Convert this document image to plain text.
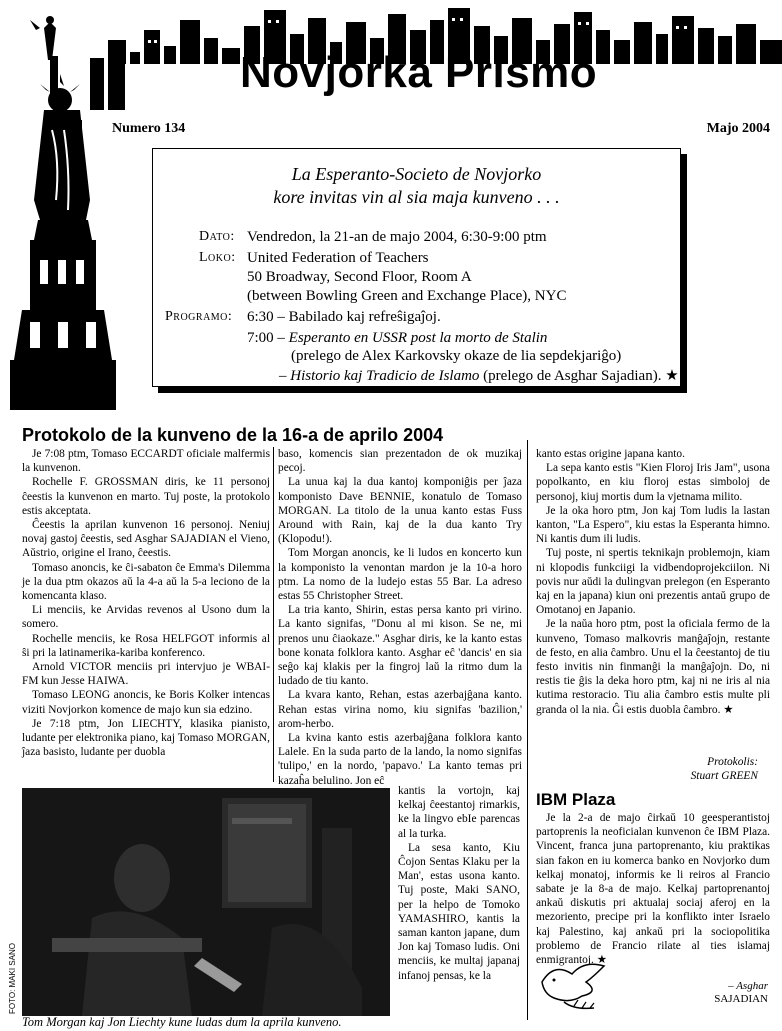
★
Novjorka Prismo
Numero 134	Majo 2004
La Esperanto-Societo de Novjorko
kore invitas vin al sia maja kunveno . . .
Dato: Vendredon, la 21-an de majo 2004, 6:30-9:00 ptm
Loko: United Federation of Teachers
50 Broadway, Second Floor, Room A
(between Bowling Green and Exchange Place), NYC
Programo: 6:30 – Babilado kaj refreŝigaĵoj.
7:00 – Esperanto en USSR post la morto de Stalin
(prelego de Alex Karkovsky okaze de lia sepdekjariĝo)
– Historio kaj Tradicio de Islamo (prelego de Asghar Sajadian). ★
Protokolo de la kunveno de la 16-a de aprilo 2004

Je 7:08 ptm, Tomaso ECCARDT oficiale malfermis la kunvenon.

Rochelle F. GROSSMAN diris, ke 11 personoj ĉeestis la kunvenon en marto. Tuj poste, la protokolo estis akceptata.

Ĉeestis la aprilan kunvenon 16 personoj. Neniuj novaj gastoj ĉeestis, sed Asghar SAJADIAN el Vieno, Aŭstrio, origine el Irano, ĉeestis.

Tomaso anoncis, ke ĉi-sabaton ĉe Emma's Dilemma je la dua ptm okazos aŭ la 4-a aŭ la 5-a leciono de la komencanta klaso.

Li menciis, ke Arvidas revenos al Usono dum la somero.

Rochelle menciis, ke Rosa HELFGOT informis al ŝi pri la latinamerika-kariba konferenco.

Arnold VICTOR menciis pri intervjuo je WBAI-FM kun Jesse HAIWA.

Tomaso LEONG anoncis, ke Boris Kolker intencas viziti Novjorkon komence de majo kun sia edzino.

Je 7:18 ptm, Jon LIECHTY, klasika pianisto, ludante per elektronika piano, kaj Tomaso MORGAN, ĵaza basisto, ludante per duobla

baso, komencis sian prezentadon de ok muzikaj pecoj.

La unua kaj la dua kantoj komponiĝis per ĵaza komponisto Dave BENNIE, konatulo de Tomaso MORGAN. La titolo de la unua kanto estas Fuss Around with Rain, kaj de la dua kanto Try (Klopodu!).

Tom Morgan anoncis, ke li ludos en koncerto kun la komponisto la venontan mardon je la 10-a horo ptm. La nomo de la ludejo estas 55 Bar. La adreso estas 55 Christopher Street.

La tria kanto, Shirin, estas persa kanto pri virino. La kanto signifas, "Donu al mi kison. Se ne, mi prenos unu ĉiaokaze." Asghar diris, ke la kanto estas bone konata folklora kanto. Asghar eĉ 'dancis' en sia seĝo kaj klakis per la fingroj laŭ la ritmo dum la ludado de tiu kanto.

La kvara kanto, Rehan, estas azerbajĝana kanto. Rehan estas virina nomo, kiu signifas 'bazilion,' arom-herbo.

La kvina kanto estis azerbajĝana folklora kanto Lalele. En la suda parto de la lando, la nomo signifas 'tulipo,' en la nordo, 'papavo.' La kanto temas pri kazaĥa belulino. Jon eĉ

kantis la vortojn, kaj kelkaj ĉeestantoj rimarkis, ke la lingvo ebIe parencas al la turka.

La sesa kanto, Kiu Ĉojon Sentas Klaku per la Man', estas usona kanto. Tuj poste, Maki SANO, per la helpo de Tomoko YAMASHIRO, kantis la saman kanton japane, dum Jon kaj Tomaso ludis. Oni menciis, ke multaj japanaj infanoj pensas, ke la

kanto estas origine japana kanto.

La sepa kanto estis "Kien Floroj Iris Jam", usona popolkanto, en kiu floroj estas simboloj de personoj, kiuj mortis dum la vjetnama milito.

Je la oka horo ptm, Jon kaj Tom ludis la lastan kanton, "La Espero", kiu estas la Esperanta himno. Ni kantis dum ili ludis.

Tuj poste, ni spertis teknikajn problemojn, kiam ni klopodis funkciigi la vidbendoprojekciilon. Ni povis nur aŭdi la dulingvan prelegon (en Esperanto kaj en la japana) kiun oni prezentis antaŭ grupo de Omotanoj en Japanio.

Je la naŭa horo ptm, post la oficiala fermo de la kunveno, Tomaso malkovris manĝaĵojn, restante de festo, en alia ĉambro. Unu el la ĉeestantoj de tiu festo invitis nin finmanĝi la manĝaĵojn. Do, ni restis tie ĝis la deka horo ptm, kaj ni ne iris al nia kutima restoracio. Tiu alia ĉambro estis multe pli granda ol la nia. Ĝi estis duobla ĉambro. ★

Protokolis:
Stuart GREEN
FOTO: MAKI SANO
Tom Morgan kaj Jon Liechty kune ludas dum la aprila kunveno.
IBM Plaza

Je la 2-a de majo ĉirkaŭ 10 geesperantistoj partoprenis la neoficialan kunvenon ĉe IBM Plaza. Vincent, franca juna partoprenanto, kiu praktikas sian fakon en iu komerca banko en Novjorko dum kelkaj monatoj, informis ke li reiros al Francio sabate je la 8-a de majo. Kelkaj partoprenantoj ankaŭ diskutis pri aktualaj sociaj aferoj en la mezoriento, precipe pri la konflikto inter Israelo kaj Palestino, kaj ankaŭ pri la sociopolitika problemo de Francio rilate al ties islamaj enmigrantoj. ★

– Asghar
SAJADIAN
